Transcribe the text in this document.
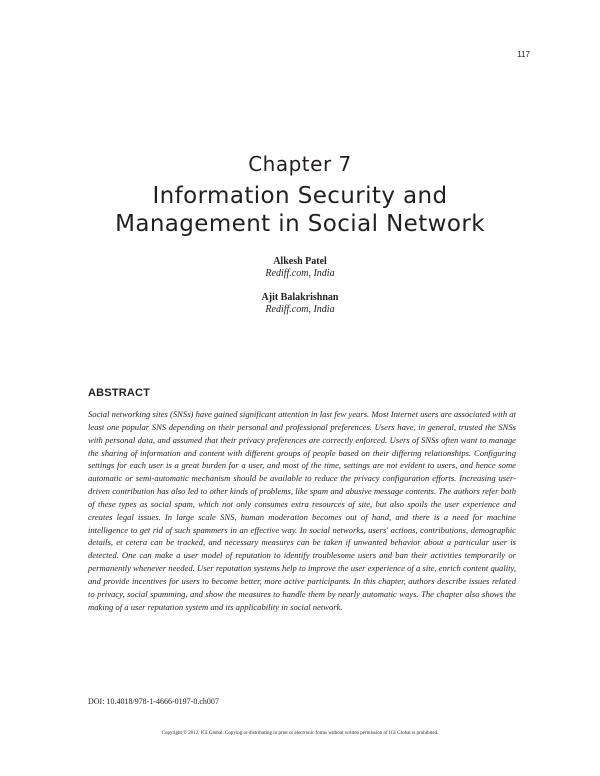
117
Chapter 7
Information Security and
Management in Social Network
Alkesh Patel
Rediff.com, India
Ajit Balakrishnan
Rediff.com, India
ABSTRACT
Social networking sites (SNSs) have gained significant attention in last few years. Most Internet users are associated with at least one popular SNS depending on their personal and professional preferences. Users have, in general, trusted the SNSs with personal data, and assumed that their privacy preferences are correctly enforced. Users of SNSs often want to manage the sharing of information and content with different groups of people based on their differing relationships. Configuring settings for each user is a great burden for a user, and most of the time, settings are not evident to users, and hence some automatic or semi-automatic mechanism should be available to reduce the privacy configuration efforts. Increasing user-driven contribution has also led to other kinds of problems, like spam and abusive message contents. The authors refer both of these types as social spam, which not only consumes extra resources of site, but also spoils the user experience and creates legal issues. In large scale SNS, human moderation becomes out of hand, and there is a need for machine intelligence to get rid of such spammers in an effective way. In social networks, users' actions, contributions, demographic details, et cetera can be tracked, and necessary measures can be taken if unwanted behavior about a particular user is detected. One can make a user model of reputation to identify troublesome users and ban their activities temporarily or permanently whenever needed. User reputation systems help to improve the user experience of a site, enrich content quality, and provide incentives for users to become better, more active participants. In this chapter, authors describe issues related to privacy, social spamming, and show the measures to handle them by nearly automatic ways. The chapter also shows the making of a user reputation system and its applicability in social network.
DOI: 10.4018/978-1-4666-0197-0.ch007
Copyright © 2012, IGI Global. Copying or distributing in print or electronic forms without written permission of IGI Global is prohibited.
